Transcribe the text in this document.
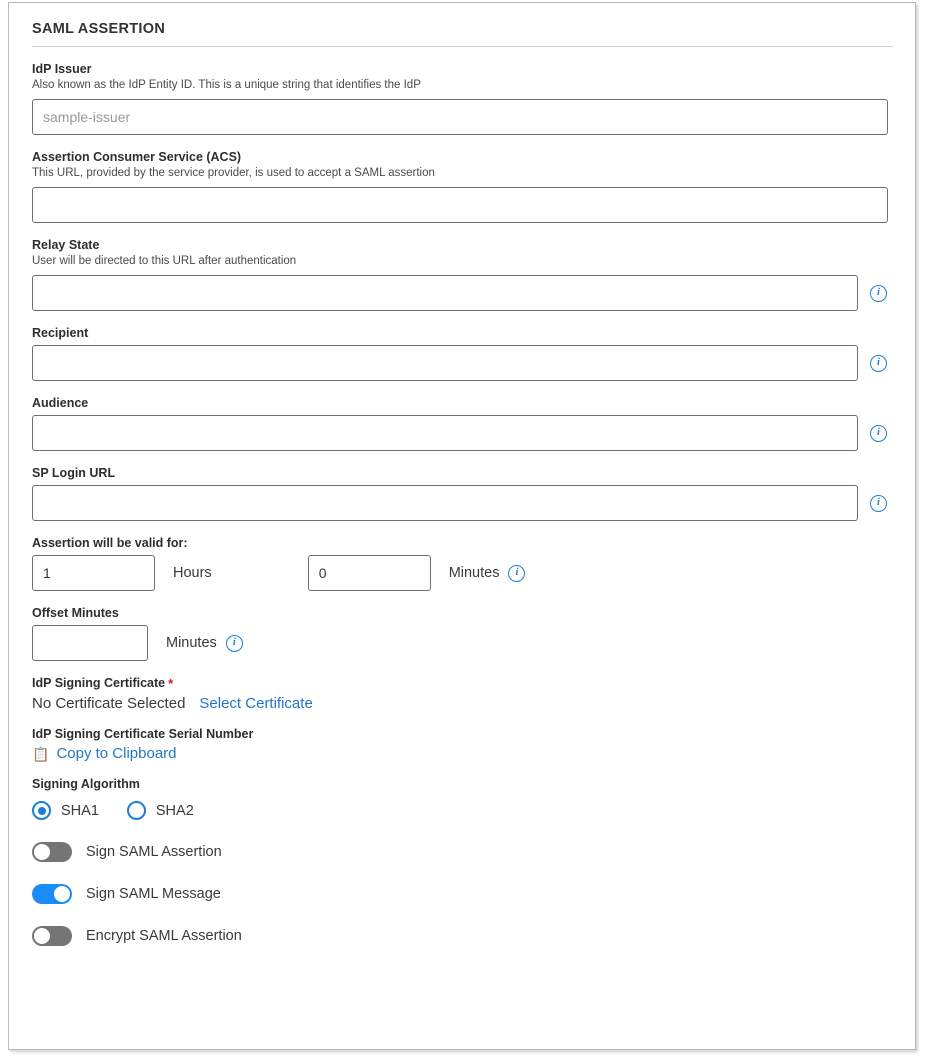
SAML ASSERTION
IdP Issuer
Also known as the IdP Entity ID. This is a unique string that identifies the IdP
sample-issuer
Assertion Consumer Service (ACS)
This URL, provided by the service provider, is used to accept a SAML assertion
Relay State
User will be directed to this URL after authentication
i
Recipient
i
Audience
i
SP Login URL
i
Assertion will be valid for:
1
Hours
0	Minutes	i
Offset Minutes
Minutes	i
IdP Signing Certificate *
No Certificate Selected Select Certificate
IdP Signing Certificate Serial Number
📋 Copy to Clipboard
Signing Algorithm
SHA1	SHA2
Sign SAML Assertion
Sign SAML Message
Encrypt SAML Assertion
